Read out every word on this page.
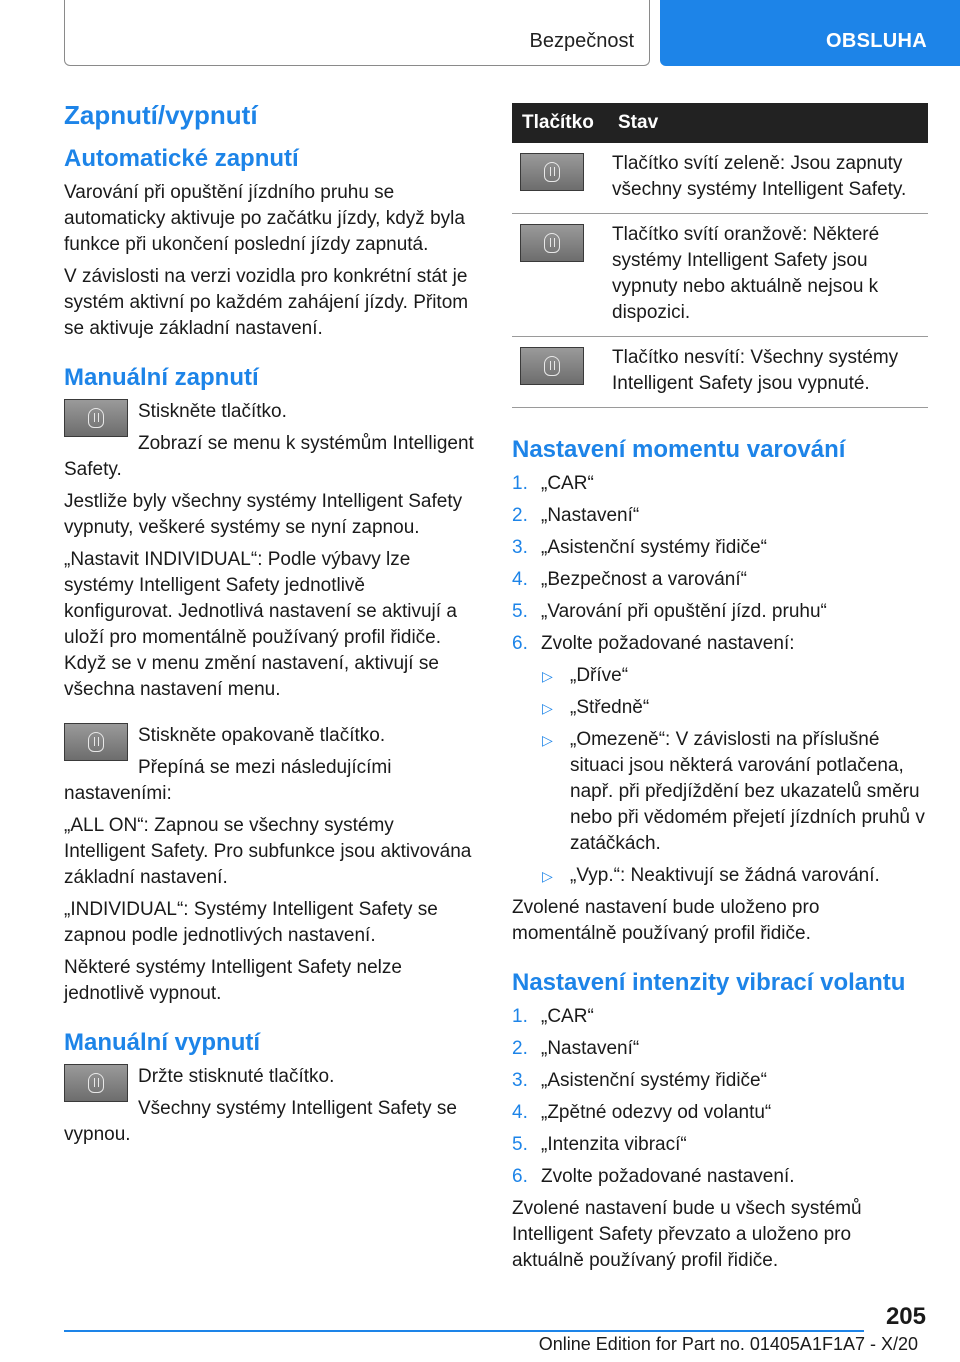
Bezpečnost	OBSLUHA
Zapnutí/vypnutí
Automatické zapnutí

Varování při opuštění jízdního pruhu se automaticky aktivuje po začátku jízdy, když byla funkce při ukončení poslední jízdy zapnutá.

V závislosti na verzi vozidla pro konkrétní stát je systém aktivní po každém zahájení jízdy. Přitom se aktivuje základní nastavení.

Manuální zapnutí

Stiskněte tlačítko.

Zobrazí se menu k systémům Intelligent Safety.

Jestliže byly všechny systémy Intelligent Safety vypnuty, veškeré systémy se nyní zapnou.

„Nastavit INDIVIDUAL“: Podle výbavy lze systémy Intelligent Safety jednotlivě konfigurovat. Jednotlivá nastavení se aktivují a uloží pro momentálně používaný profil řidiče. Když se v menu změní nastavení, aktivují se všechna nastavení menu.

Stiskněte opakovaně tlačítko.

Přepíná se mezi následujícími nastaveními:

„ALL ON“: Zapnou se všechny systémy Intelligent Safety. Pro subfunkce jsou aktivována základní nastavení.

„INDIVIDUAL“: Systémy Intelligent Safety se zapnou podle jednotlivých nastavení.

Některé systémy Intelligent Safety nelze jednotlivě vypnout.

Manuální vypnutí

Držte stisknuté tlačítko.

Všechny systémy Intelligent Safety se vypnou.

Tlačítko	Stav

	Tlačítko svítí zeleně: Jsou zapnuty všechny systémy Intelligent Safety.

	Tlačítko svítí oranžově: Některé systémy Intelligent Safety jsou vypnuty nebo aktuálně nejsou k dispozici.

	Tlačítko nesvítí: Všechny systémy Intelligent Safety jsou vypnuté.
Nastavení momentu varování
1. „CAR“
2. „Nastavení“
3. „Asistenční systémy řidiče“
4. „Bezpečnost a varování“
5. „Varování při opuštění jízd. pruhu“
6. Zvolte požadované nastavení:
▷ „Dříve“
▷ „Středně“
▷ „Omezeně“: V závislosti na příslušné situaci jsou některá varování potlačena, např. při předjíždění bez ukazatelů směru nebo při vědomém přejetí jízdních pruhů v zatáčkách.
▷ „Vyp.“: Neaktivují se žádná varování.

Zvolené nastavení bude uloženo pro momentálně používaný profil řidiče.

Nastavení intenzity vibrací volantu
1. „CAR“
2. „Nastavení“
3. „Asistenční systémy řidiče“
4. „Zpětné odezvy od volantu“
5. „Intenzita vibrací“
6. Zvolte požadované nastavení.

Zvolené nastavení bude u všech systémů Intelligent Safety převzato a uloženo pro aktuálně používaný profil řidiče.

205
Online Edition for Part no. 01405A1F1A7 - X/20
